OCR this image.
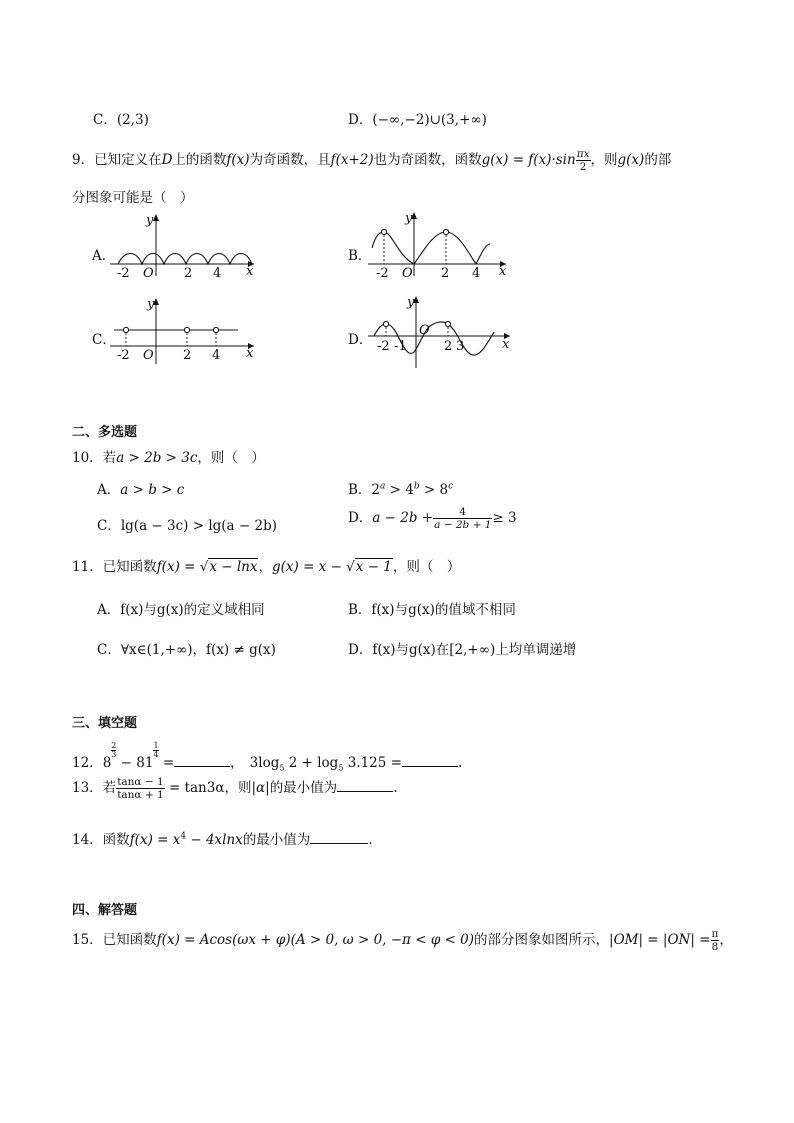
C．(2,3)	D．(−∞,−2)∪(3,+∞)
9．已知定义在D上的函数f(x)为奇函数，且f(x+2)也为奇函数，函数$g(x) = f(x)\cdot\sin \frac{\pi x}{2}$ ，则g(x)的部
分图象可能是（　）
A．
x
y
-2 O 2 4
B．
x
y
-2 O 2 4
C．
x
y
-2 O 2 4
D．	x
y
-2 -1
O
2 3
二、多选题
10．若a > 2b > 3c，则（　）
A．a > b > c	B．$2^a > 4^b > 8^c$
C．lg(a − 3c) > lg(a − 2b)	D．$a - 2b + \frac{4}{a - 2b + 1} \ge 3$
11．已知函数f(x) = √x − lnx，g(x) = x − √x − 1，则（　）
A．f(x)与g(x)的定义域相同	B．f(x)与g(x)的值域不相同
C．∀x∈(1,+∞)，f(x) ≠ g(x)	D．f(x)与g(x)在[2,+∞)上均单调递增
三、填空题
12．8
$^{\frac{2}{3}}$
− 81
$^{\frac{1}{4}}$
=	， $3\log_5$ $2 + \log_5 3.125$ =	.
13．若 $\frac{\tan\alpha - 1}{\tan\alpha + 1} = \tan 3\alpha$，则|α|的最小值为	.
14．函数$f(x) = x^4 - 4xlnx$的最小值为	.
四、解答题
15．已知函数f(x) = Acos(ωx + φ)(A > 0, ω > 0, −π < φ < 0)的部分图象如图所示，$|OM| = |ON| = \frac{\pi}{8}$ ，
